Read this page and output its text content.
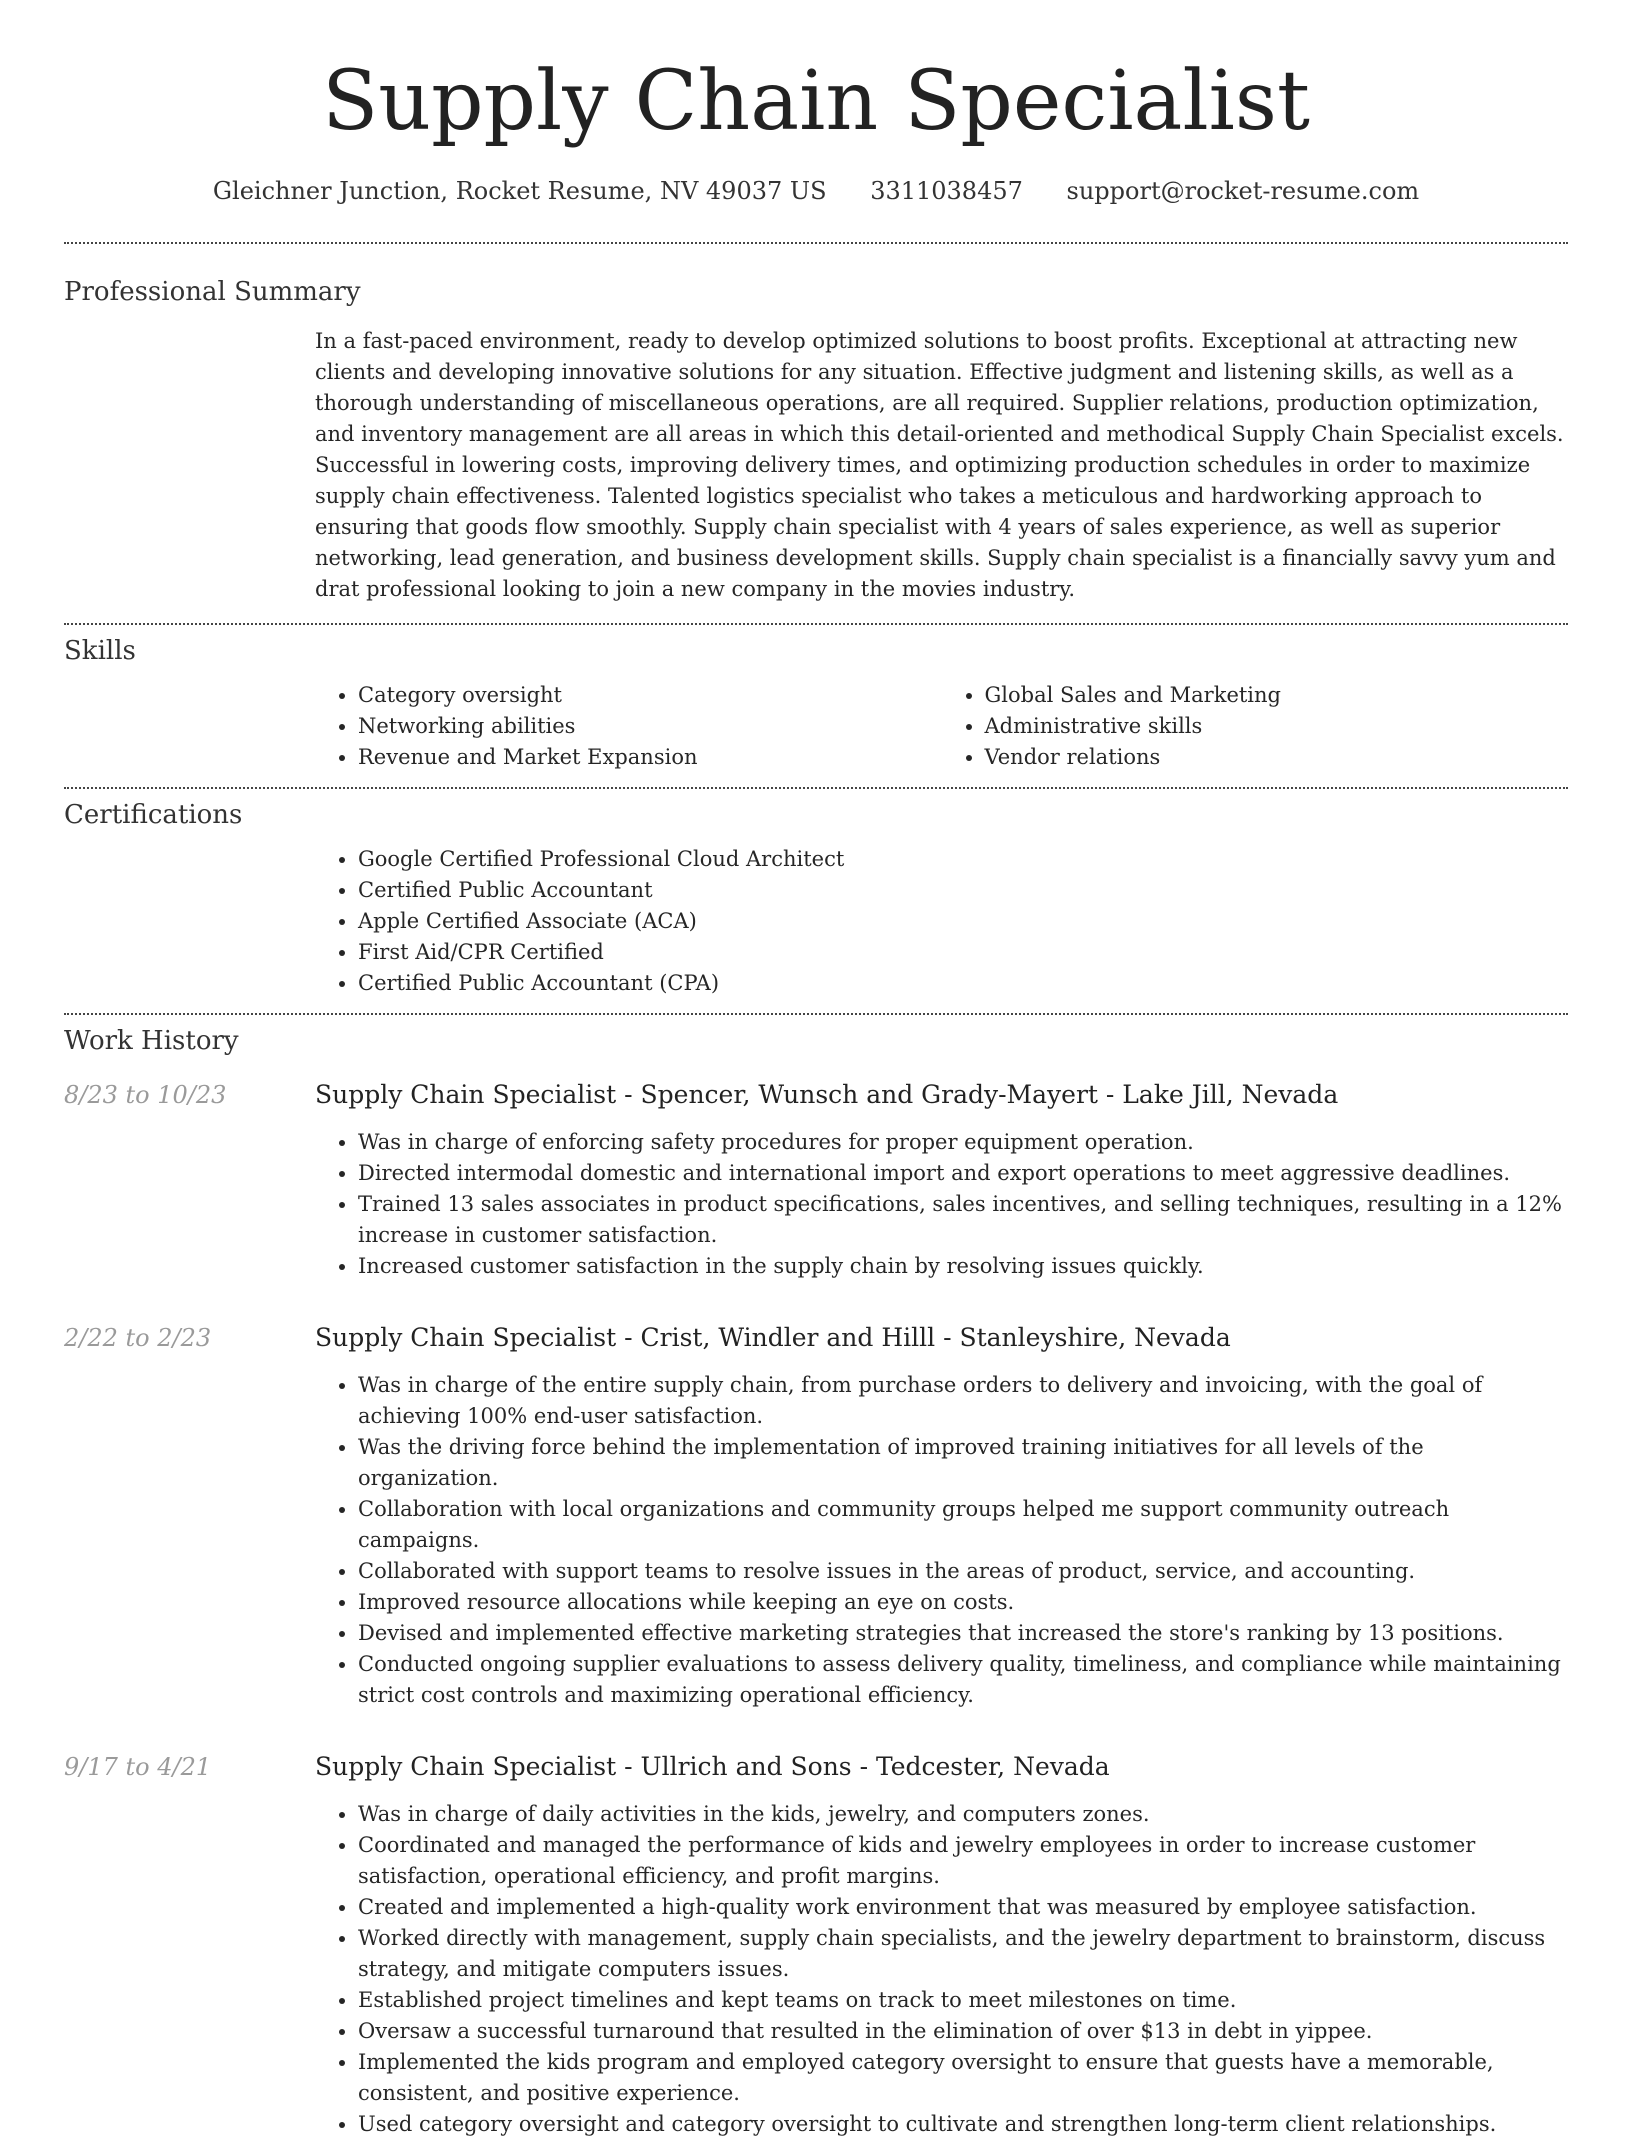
Supply Chain Specialist
Gleichner Junction, Rocket Resume, NV 49037 US 3311038457 support@rocket-resume.com
Professional Summary
In a fast-paced environment, ready to develop optimized solutions to boost profits. Exceptional at attracting new clients and developing innovative solutions for any situation. Effective judgment and listening skills, as well as a thorough understanding of miscellaneous operations, are all required. Supplier relations, production optimization, and inventory management are all areas in which this detail-oriented and methodical Supply Chain Specialist excels. Successful in lowering costs, improving delivery times, and optimizing production schedules in order to maximize supply chain effectiveness. Talented logistics specialist who takes a meticulous and hardworking approach to ensuring that goods flow smoothly. Supply chain specialist with 4 years of sales experience, as well as superior networking, lead generation, and business development skills. Supply chain specialist is a financially savvy yum and drat professional looking to join a new company in the movies industry.
Skills
• Category oversight
• Networking abilities
• Revenue and Market Expansion
• Global Sales and Marketing
• Administrative skills
• Vendor relations
Certifications
• Google Certified Professional Cloud Architect
• Certified Public Accountant
• Apple Certified Associate (ACA)
• First Aid/CPR Certified
• Certified Public Accountant (CPA)
Work History
8/23 to 10/23	Supply Chain Specialist - Spencer, Wunsch and Grady-Mayert - Lake Jill, Nevada
• Was in charge of enforcing safety procedures for proper equipment operation.
• Directed intermodal domestic and international import and export operations to meet aggressive deadlines.
• Trained 13 sales associates in product specifications, sales incentives, and selling techniques, resulting in a 12% increase in customer satisfaction.
• Increased customer satisfaction in the supply chain by resolving issues quickly.
2/22 to 2/23	Supply Chain Specialist - Crist, Windler and Hilll - Stanleyshire, Nevada
• Was in charge of the entire supply chain, from purchase orders to delivery and invoicing, with the goal of achieving 100% end-user satisfaction.
• Was the driving force behind the implementation of improved training initiatives for all levels of the organization.
• Collaboration with local organizations and community groups helped me support community outreach campaigns.
• Collaborated with support teams to resolve issues in the areas of product, service, and accounting.
• Improved resource allocations while keeping an eye on costs.
• Devised and implemented effective marketing strategies that increased the store's ranking by 13 positions.
• Conducted ongoing supplier evaluations to assess delivery quality, timeliness, and compliance while maintaining strict cost controls and maximizing operational efficiency.
9/17 to 4/21	Supply Chain Specialist - Ullrich and Sons - Tedcester, Nevada
• Was in charge of daily activities in the kids, jewelry, and computers zones.
• Coordinated and managed the performance of kids and jewelry employees in order to increase customer satisfaction, operational efficiency, and profit margins.
• Created and implemented a high-quality work environment that was measured by employee satisfaction.
• Worked directly with management, supply chain specialists, and the jewelry department to brainstorm, discuss strategy, and mitigate computers issues.
• Established project timelines and kept teams on track to meet milestones on time.
• Oversaw a successful turnaround that resulted in the elimination of over $13 in debt in yippee.
• Implemented the kids program and employed category oversight to ensure that guests have a memorable, consistent, and positive experience.
• Used category oversight and category oversight to cultivate and strengthen long-term client relationships.
